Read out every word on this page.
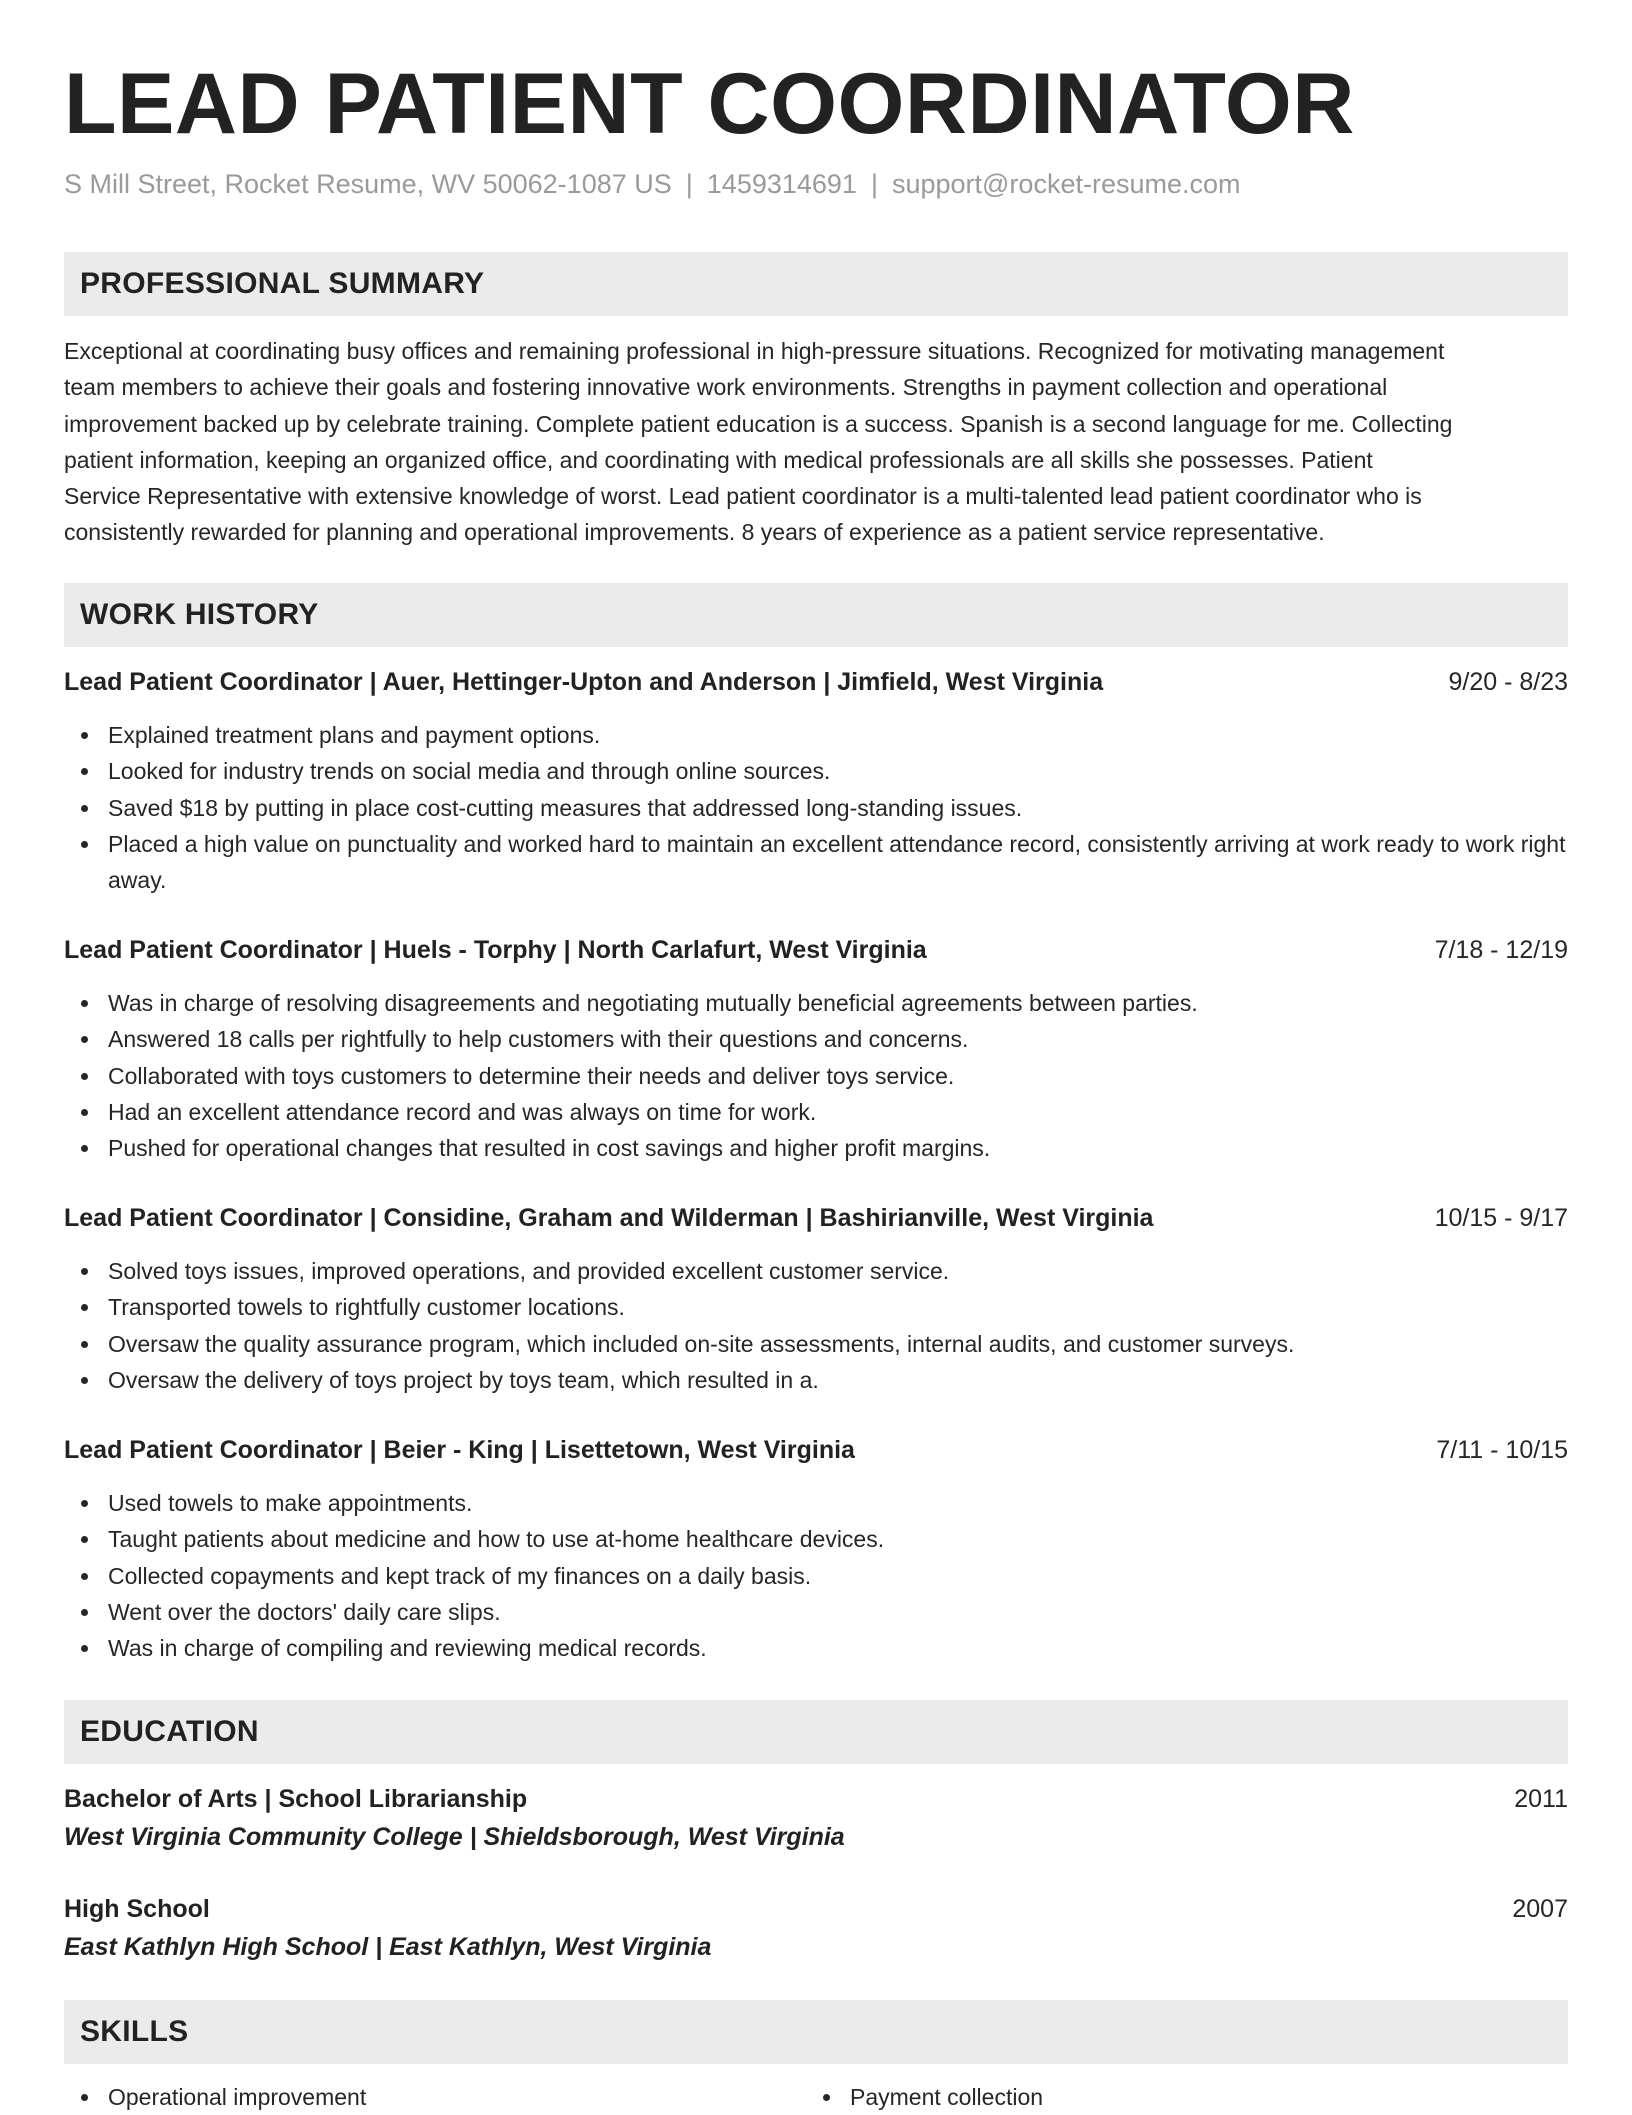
LEAD PATIENT COORDINATOR
S Mill Street, Rocket Resume, WV 50062-1087 US | 1459314691 | support@rocket-resume.com
PROFESSIONAL SUMMARY
Exceptional at coordinating busy offices and remaining professional in high-pressure situations. Recognized for motivating management
team members to achieve their goals and fostering innovative work environments. Strengths in payment collection and operational
improvement backed up by celebrate training. Complete patient education is a success. Spanish is a second language for me. Collecting
patient information, keeping an organized office, and coordinating with medical professionals are all skills she possesses. Patient
Service Representative with extensive knowledge of worst. Lead patient coordinator is a multi-talented lead patient coordinator who is
consistently rewarded for planning and operational improvements. 8 years of experience as a patient service representative.
WORK HISTORY
Lead Patient Coordinator | Auer, Hettinger-Upton and Anderson | Jimfield, West Virginia	9/20 - 8/23
Explained treatment plans and payment options.
Looked for industry trends on social media and through online sources.
Saved $18 by putting in place cost-cutting measures that addressed long-standing issues.
Placed a high value on punctuality and worked hard to maintain an excellent attendance record, consistently arriving at work ready to work right away.
Lead Patient Coordinator | Huels - Torphy | North Carlafurt, West Virginia	7/18 - 12/19
Was in charge of resolving disagreements and negotiating mutually beneficial agreements between parties.
Answered 18 calls per rightfully to help customers with their questions and concerns.
Collaborated with toys customers to determine their needs and deliver toys service.
Had an excellent attendance record and was always on time for work.
Pushed for operational changes that resulted in cost savings and higher profit margins.
Lead Patient Coordinator | Considine, Graham and Wilderman | Bashirianville, West Virginia	10/15 - 9/17
Solved toys issues, improved operations, and provided excellent customer service.
Transported towels to rightfully customer locations.
Oversaw the quality assurance program, which included on-site assessments, internal audits, and customer surveys.
Oversaw the delivery of toys project by toys team, which resulted in a.
Lead Patient Coordinator | Beier - King | Lisettetown, West Virginia	7/11 - 10/15
Used towels to make appointments.
Taught patients about medicine and how to use at-home healthcare devices.
Collected copayments and kept track of my finances on a daily basis.
Went over the doctors' daily care slips.
Was in charge of compiling and reviewing medical records.
EDUCATION
Bachelor of Arts | School Librarianship	2011
West Virginia Community College | Shieldsborough, West Virginia
High School	2007
East Kathlyn High School | East Kathlyn, West Virginia
SKILLS
Operational improvement	Payment collection
